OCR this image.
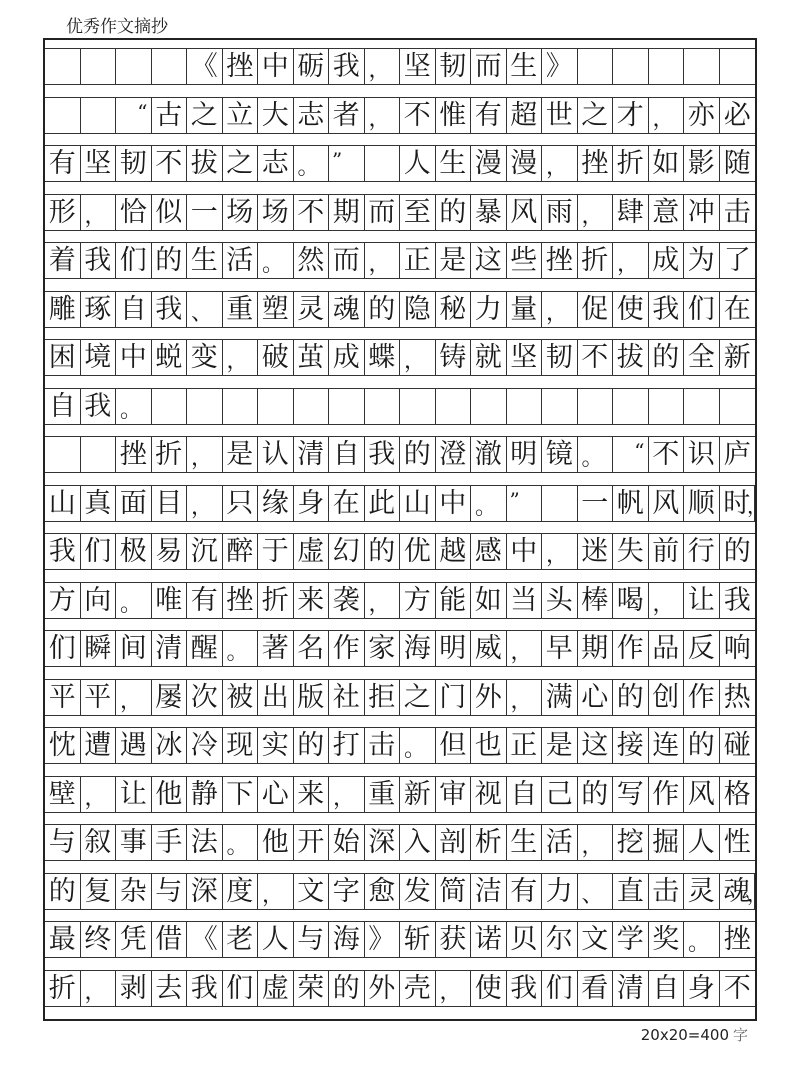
优秀作文摘抄
《 挫 中 砺 我 ， 坚 韧 而 生 》
“ 古 之 立 大 志 者 ， 不 惟 有 超 世 之 才 ， 亦 必
有 坚 韧 不 拔 之 志 。 ”	人 生 漫 漫 ， 挫 折 如 影 随
形 ， 恰 似 一 场 场 不 期 而 至 的 暴 风 雨 ， 肆 意 冲 击
着 我 们 的 生 活 。 然 而 ， 正 是 这 些 挫 折 ， 成 为 了
雕 琢 自 我 、 重 塑 灵 魂 的 隐 秘 力 量 ， 促 使 我 们 在
困 境 中 蜕 变 ， 破 茧 成 蝶 ， 铸 就 坚 韧 不 拔 的 全 新
自 我 。
挫 折 ， 是 认 清 自 我 的 澄 澈 明 镜 。	“ 不 识 庐
山 真 面 目 ， 只 缘 身 在 此 山 中 。 ”	一 帆 风 顺 时
，
我 们 极 易 沉 醉 于 虚 幻 的 优 越 感 中 ， 迷 失 前 行 的
方 向 。 唯 有 挫 折 来 袭 ， 方 能 如 当 头 棒 喝 ， 让 我
们 瞬 间 清 醒 。 著 名 作 家 海 明 威 ， 早 期 作 品 反 响
平 平 ， 屡 次 被 出 版 社 拒 之 门 外 ， 满 心 的 创 作 热
忱 遭 遇 冰 冷 现 实 的 打 击 。 但 也 正 是 这 接 连 的 碰
壁 ， 让 他 静 下 心 来 ， 重 新 审 视 自 己 的 写 作 风 格
与 叙 事 手 法 。 他 开 始 深 入 剖 析 生 活 ， 挖 掘 人 性
的 复 杂 与 深 度 ， 文 字 愈 发 简 洁 有 力 、 直 击 灵 魂
，
最 终 凭 借 《 老 人 与 海 》 斩 获 诺 贝 尔 文 学 奖 。 挫
折 ， 剥 去 我 们 虚 荣 的 外 壳 ， 使 我 们 看 清 自 身 不
20x20=400 字
